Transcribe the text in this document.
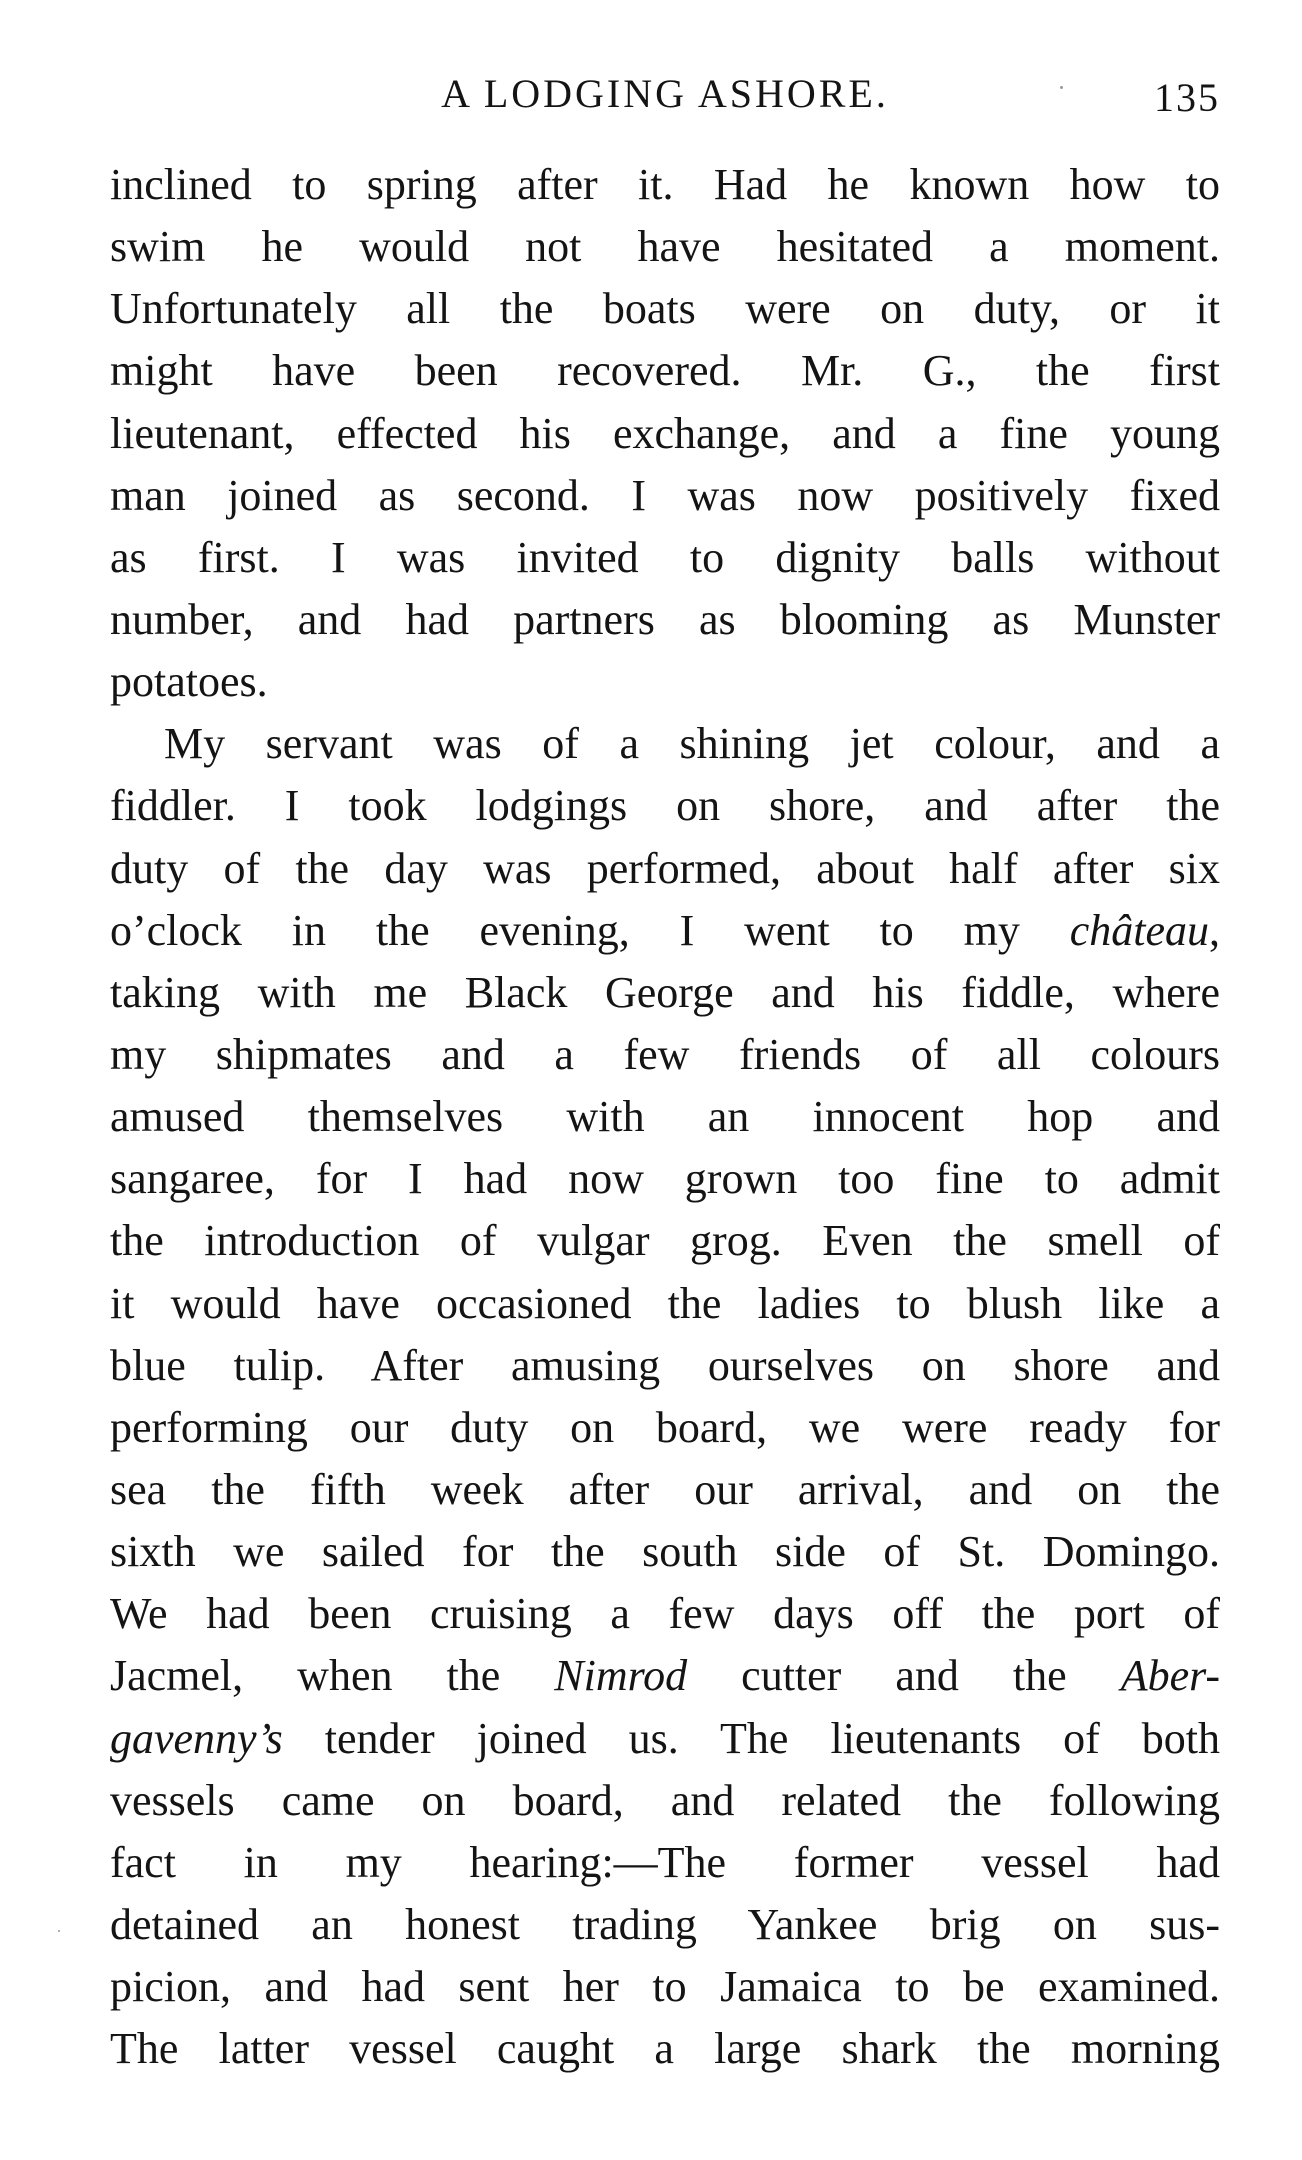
A LODGING ASHORE.	135
inclined to spring after it. Had he known how to
swim he would not have hesitated a moment.
Unfortunately all the boats were on duty, or it
might have been recovered. Mr. G., the first
lieutenant, effected his exchange, and a fine young
man joined as second. I was now positively fixed
as first. I was invited to dignity balls without
number, and had partners as blooming as Munster
potatoes.
My servant was of a shining jet colour, and a
fiddler. I took lodgings on shore, and after the
duty of the day was performed, about half after six
o’clock in the evening, I went to my château,
taking with me Black George and his fiddle, where
my shipmates and a few friends of all colours
amused themselves with an innocent hop and
sangaree, for I had now grown too fine to admit
the introduction of vulgar grog. Even the smell of
it would have occasioned the ladies to blush like a
blue tulip. After amusing ourselves on shore and
performing our duty on board, we were ready for
sea the fifth week after our arrival, and on the
sixth we sailed for the south side of St. Domingo.
We had been cruising a few days off the port of
Jacmel, when the Nimrod cutter and the Aber-
gavenny’s tender joined us. The lieutenants of both
vessels came on board, and related the following
fact in my hearing:—The former vessel had
detained an honest trading Yankee brig on sus-
picion, and had sent her to Jamaica to be examined.
The latter vessel caught a large shark the morning
